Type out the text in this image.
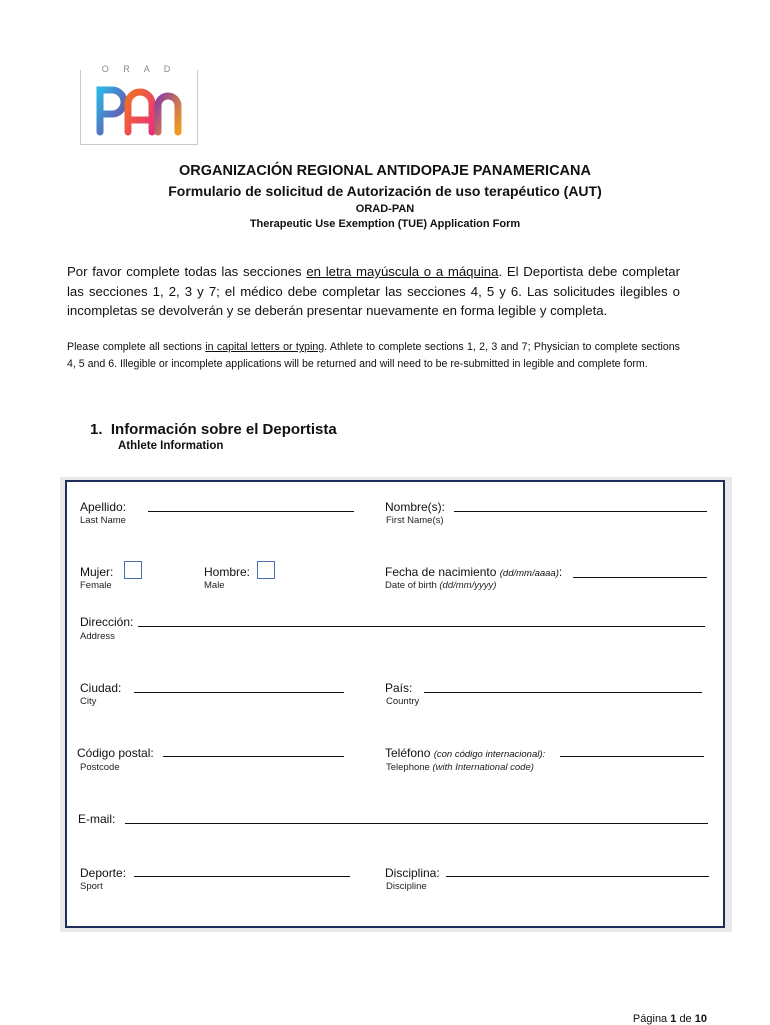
O R A D
ORGANIZACIÓN REGIONAL ANTIDOPAJE PANAMERICANA
Formulario de solicitud de Autorización de uso terapéutico (AUT)
ORAD-PAN
Therapeutic Use Exemption (TUE) Application Form
Por favor complete todas las secciones en letra mayúscula o a máquina. El Deportista debe completar las secciones 1, 2, 3 y 7; el médico debe completar las secciones 4, 5 y 6. Las solicitudes ilegibles o incompletas se devolverán y se deberán presentar nuevamente en forma legible y completa.
Please complete all sections in capital letters or typing. Athlete to complete sections 1, 2, 3 and 7; Physician to complete sections 4, 5 and 6. Illegible or incomplete applications will be returned and will need to be re-submitted in legible and complete form.
1. Información sobre el Deportista
Athlete Information
Apellido:
Last Name
Nombre(s):
First Name(s)
Mujer:
Female
Hombre:
Male
Fecha de nacimiento (dd/mm/aaaa):
Date of birth (dd/mm/yyyy)
Dirección:
Address
Ciudad:
City
País:
Country
Código postal:
Postcode
Teléfono (con código internacional):
Telephone (with International code)
E-mail:
Deporte:
Sport
Disciplina:
Discipline
Página 1 de 10
